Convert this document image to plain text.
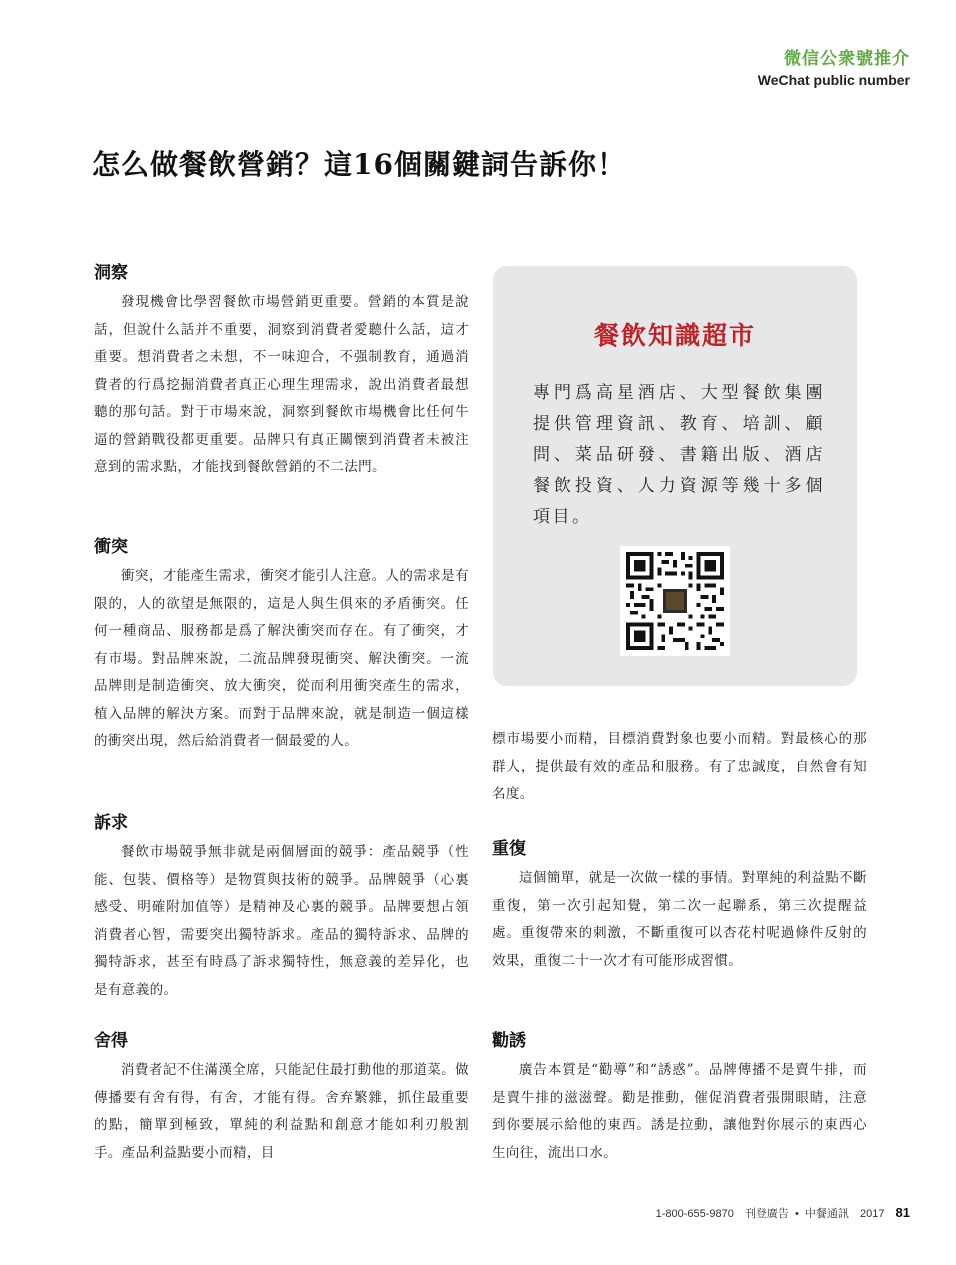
微信公衆號推介
WeChat public number
怎么做餐飲營銷？這16個關鍵詞告訴你！
洞察

發現機會比學習餐飲市場營銷更重要。營銷的本質是說話，但說什么話并不重要，洞察到消費者愛聽什么話，這才重要。想消費者之未想，不一味迎合，不强制教育，通過消費者的行爲挖掘消費者真正心理生理需求，說出消費者最想聽的那句話。對于市場來說，洞察到餐飲市場機會比任何牛逼的營銷戰役都更重要。品牌只有真正關懷到消費者未被注意到的需求點，才能找到餐飲營銷的不二法門。

衝突

衝突，才能產生需求，衝突才能引人注意。人的需求是有限的，人的欲望是無限的，這是人與生俱來的矛盾衝突。任何一種商品、服務都是爲了解決衝突而存在。有了衝突，才有市場。對品牌來說，二流品牌發現衝突、解決衝突。一流品牌則是制造衝突、放大衝突，從而利用衝突產生的需求，植入品牌的解決方案。而對于品牌來說，就是制造一個這樣的衝突出現，然后給消費者一個最愛的人。

訴求

餐飲市場競爭無非就是兩個層面的競爭：產品競爭（性能、包裝、價格等）是物質與技術的競爭。品牌競爭（心裏感受、明確附加值等）是精神及心裏的競爭。品牌要想占領消費者心智，需要突出獨特訴求。產品的獨特訴求、品牌的獨特訴求，甚至有時爲了訴求獨特性，無意義的差异化，也是有意義的。

舍得

消費者記不住滿漢全席，只能記住最打動他的那道菜。做傳播要有舍有得，有舍，才能有得。舍弃繁雜，抓住最重要的點，簡單到極致，單純的利益點和創意才能如利刃般割手。產品利益點要小而精，目

餐飲知識超市
專門爲高星酒店、大型餐飲集團提供管理資訊、教育、培訓、顧問、菜品研發、書籍出版、酒店餐飲投資、人力資源等幾十多個項目。

標市場要小而精，目標消費對象也要小而精。對最核心的那群人，提供最有效的產品和服務。有了忠誠度，自然會有知名度。

重復

這個簡單，就是一次做一樣的事情。對單純的利益點不斷重復，第一次引起知覺，第二次一起聯系，第三次提醒益處。重復帶來的刺激，不斷重復可以杏花村呢過條件反射的效果，重復二十一次才有可能形成習慣。

勸誘

廣告本質是“勸導”和“誘惑”。品牌傳播不是賣牛排，而是賣牛排的滋滋聲。勸是推動，催促消費者張開眼睛，注意到你要展示給他的東西。誘是拉動，讓他對你展示的東西心生向往，流出口水。

1-800-655-9870 刊登廣告 • 中餐通訊 2017 81
